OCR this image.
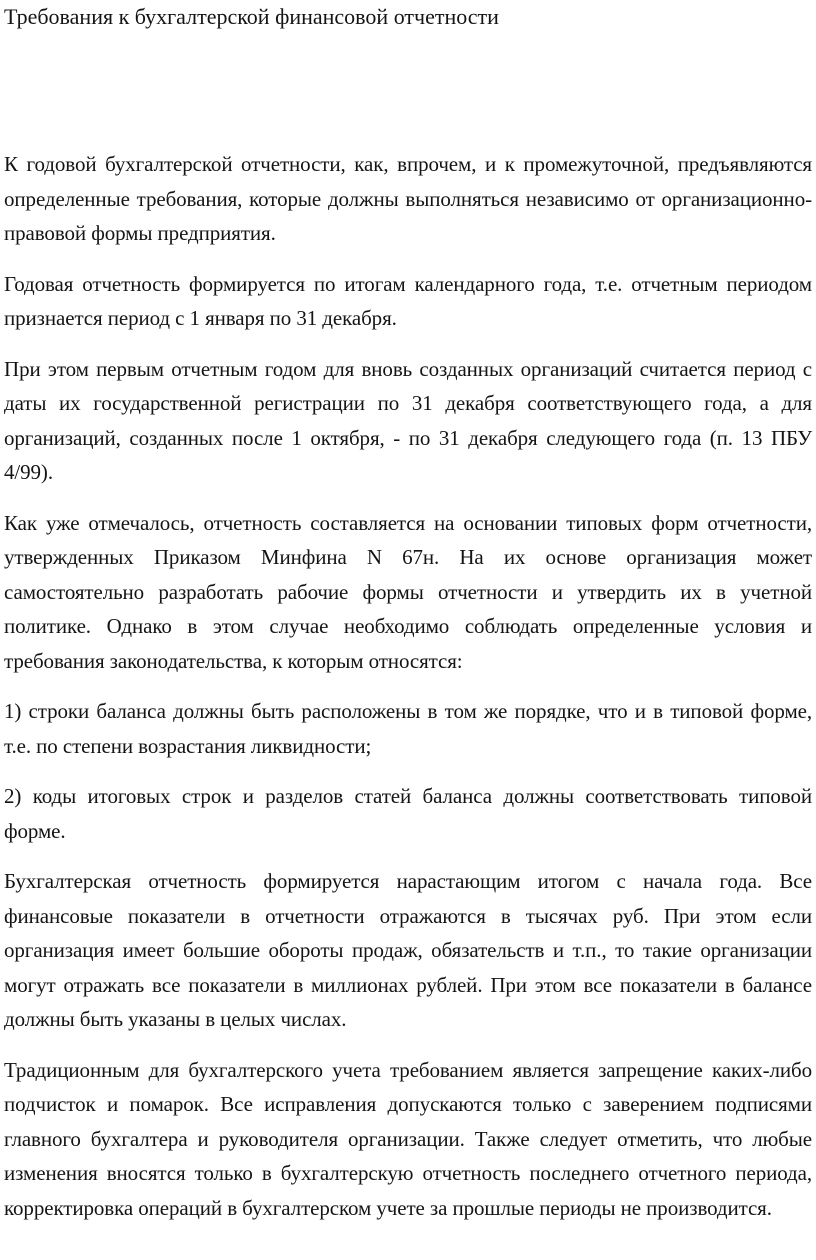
Требования к бухгалтерской финансовой отчетности

К годовой бухгалтерской отчетности, как, впрочем, и к промежуточной, предъявляются определенные требования, которые должны выполняться независимо от организационно-правовой формы предприятия.

Годовая отчетность формируется по итогам календарного года, т.е. отчетным периодом признается период с 1 января по 31 декабря.

При этом первым отчетным годом для вновь созданных организаций считается период с даты их государственной регистрации по 31 декабря соответствующего года, а для организаций, созданных после 1 октября, - по 31 декабря следующего года (п. 13 ПБУ 4/99).

Как уже отмечалось, отчетность составляется на основании типовых форм отчетности, утвержденных Приказом Минфина N 67н. На их основе организация может самостоятельно разработать рабочие формы отчетности и утвердить их в учетной политике. Однако в этом случае необходимо соблюдать определенные условия и требования законодательства, к которым относятся:

1) строки баланса должны быть расположены в том же порядке, что и в типовой форме, т.е. по степени возрастания ликвидности;

2) коды итоговых строк и разделов статей баланса должны соответствовать типовой форме.

Бухгалтерская отчетность формируется нарастающим итогом с начала года. Все финансовые показатели в отчетности отражаются в тысячах руб. При этом если организация имеет большие обороты продаж, обязательств и т.п., то такие организации могут отражать все показатели в миллионах рублей. При этом все показатели в балансе должны быть указаны в целых числах.

Традиционным для бухгалтерского учета требованием является запрещение каких-либо подчисток и помарок. Все исправления допускаются только с заверением подписями главного бухгалтера и руководителя организации. Также следует отметить, что любые изменения вносятся только в бухгалтерскую отчетность последнего отчетного периода, корректировка операций в бухгалтерском учете за прошлые периоды не производится.
